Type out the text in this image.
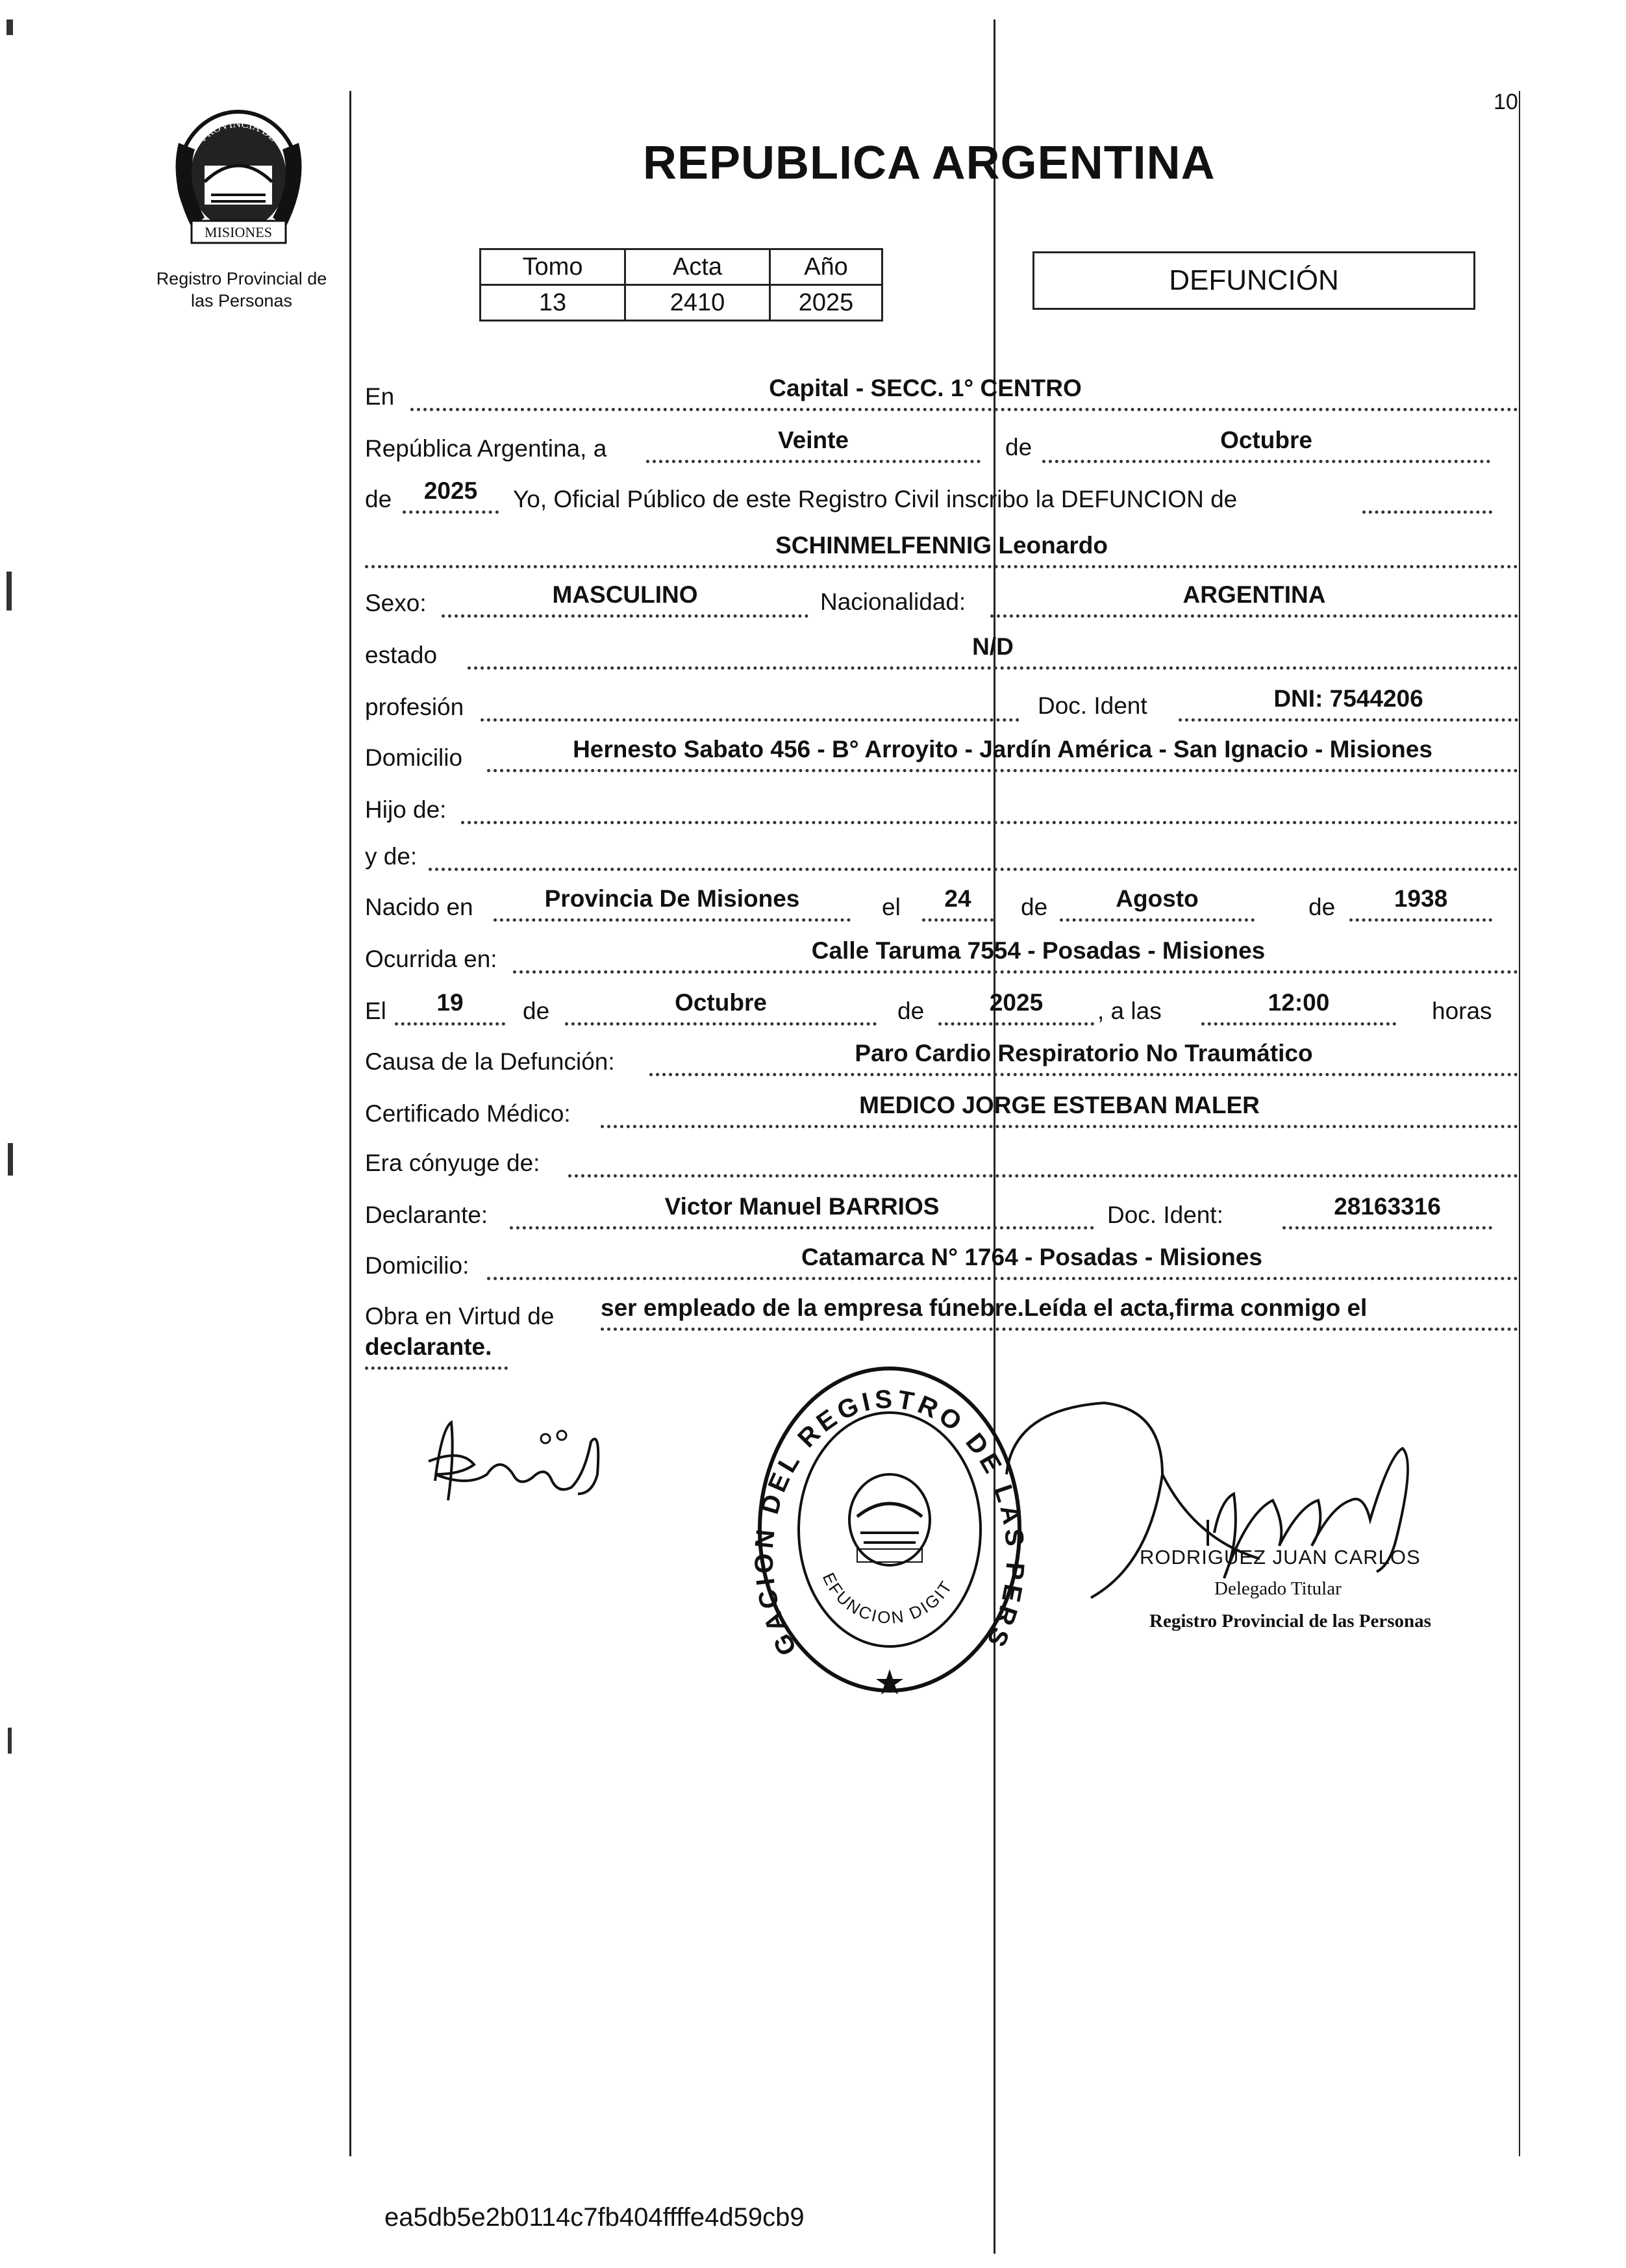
MISIONES
PROVINCIA DE
Registro Provincial de
las Personas
10
REPUBLICA ARGENTINA
Tomo	Acta	Año
13	2410	2025
DEFUNCIÓN
En	Capital - SECC. 1° CENTRO
República Argentina, a	Veinte	de	Octubre
de	2025	Yo, Oficial Público de este Registro Civil inscribo la DEFUNCION de
SCHINMELFENNIG Leonardo
Sexo:	MASCULINO	Nacionalidad:	ARGENTINA
estado	N/D
profesión	Doc. Ident	DNI: 7544206
Domicilio	Hernesto Sabato 456 - B° Arroyito - Jardín América - San Ignacio - Misiones
Hijo de:
y de:
Nacido en	Provincia De Misiones	el	24	de	Agosto	de	1938
Ocurrida en:	Calle Taruma 7554 - Posadas - Misiones
El	19	de	Octubre	de	2025	, a las	12:00	horas
Causa de la Defunción:	Paro Cardio Respiratorio No Traumático
Certificado Médico:	MEDICO JORGE ESTEBAN MALER
Era cónyuge de:
Declarante:	Victor Manuel BARRIOS	Doc. Ident:	28163316
Domicilio:	Catamarca N° 1764 - Posadas - Misiones
Obra en Virtud de ser empleado de la empresa fúnebre.Leída el acta,firma conmigo el
declarante.
GACI DEL REGISTRO DE LA ERS
EFUNCION DIGIT
RODRIGUEZ JUAN CARLOS
Delegado Titular
Registro Provincial de las Personas
ea5db5e2b0114c7fb404ffffe4d59cb9
